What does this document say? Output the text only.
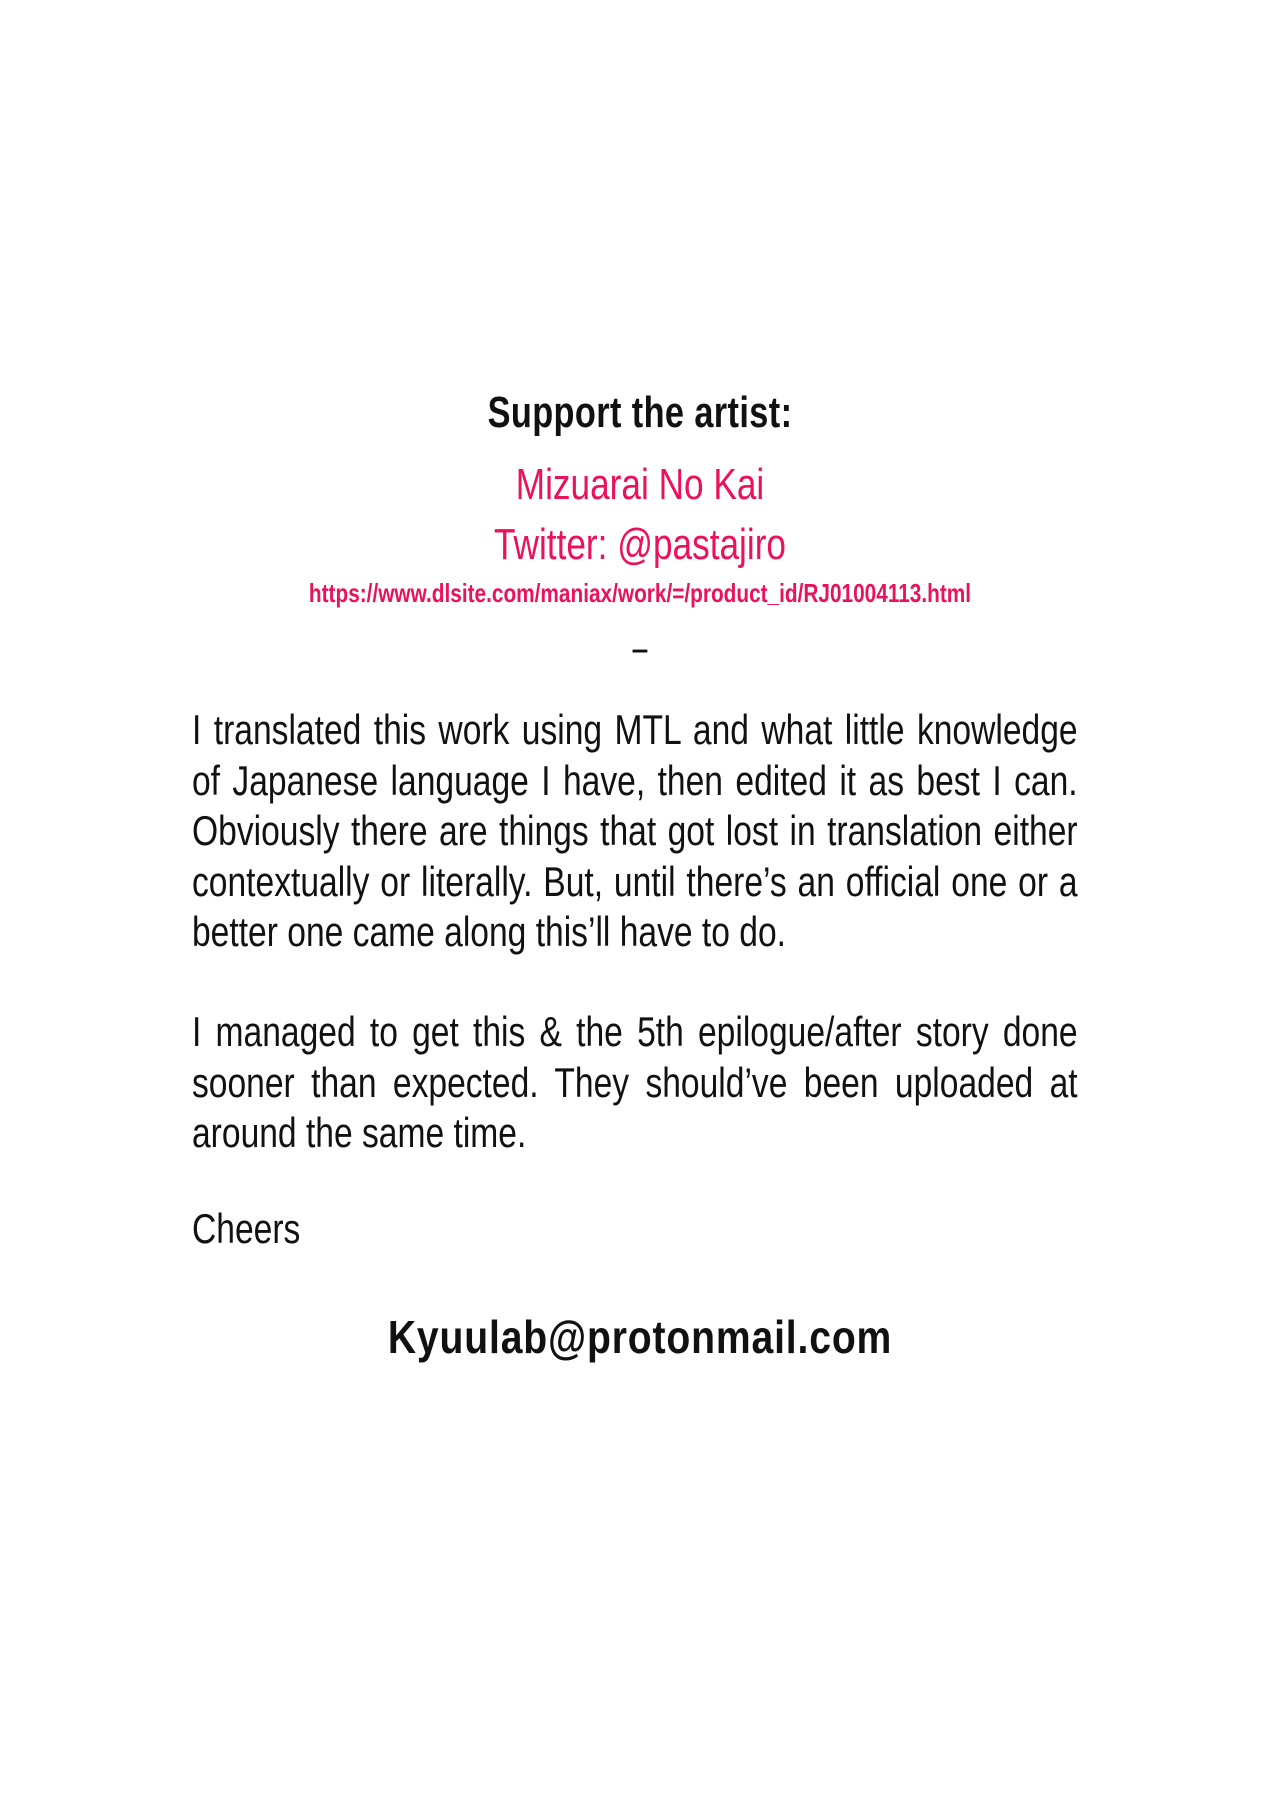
Support the artist:
Mizuarai No Kai
Twitter: @pastajiro
https://www.dlsite.com/maniax/work/=/product_id/RJ01004113.html
–
I translated this work using MTL and what little knowledge of Japanese language I have, then edited it as best I can. Obviously there are things that got lost in translation either contextually or literally. But, until there’s an official one or a better one came along this’ll have to do.
I managed to get this & the 5th epilogue/after story done sooner than expected. They should’ve been uploaded at around the same time.
Cheers
Kyuulab@protonmail.com
